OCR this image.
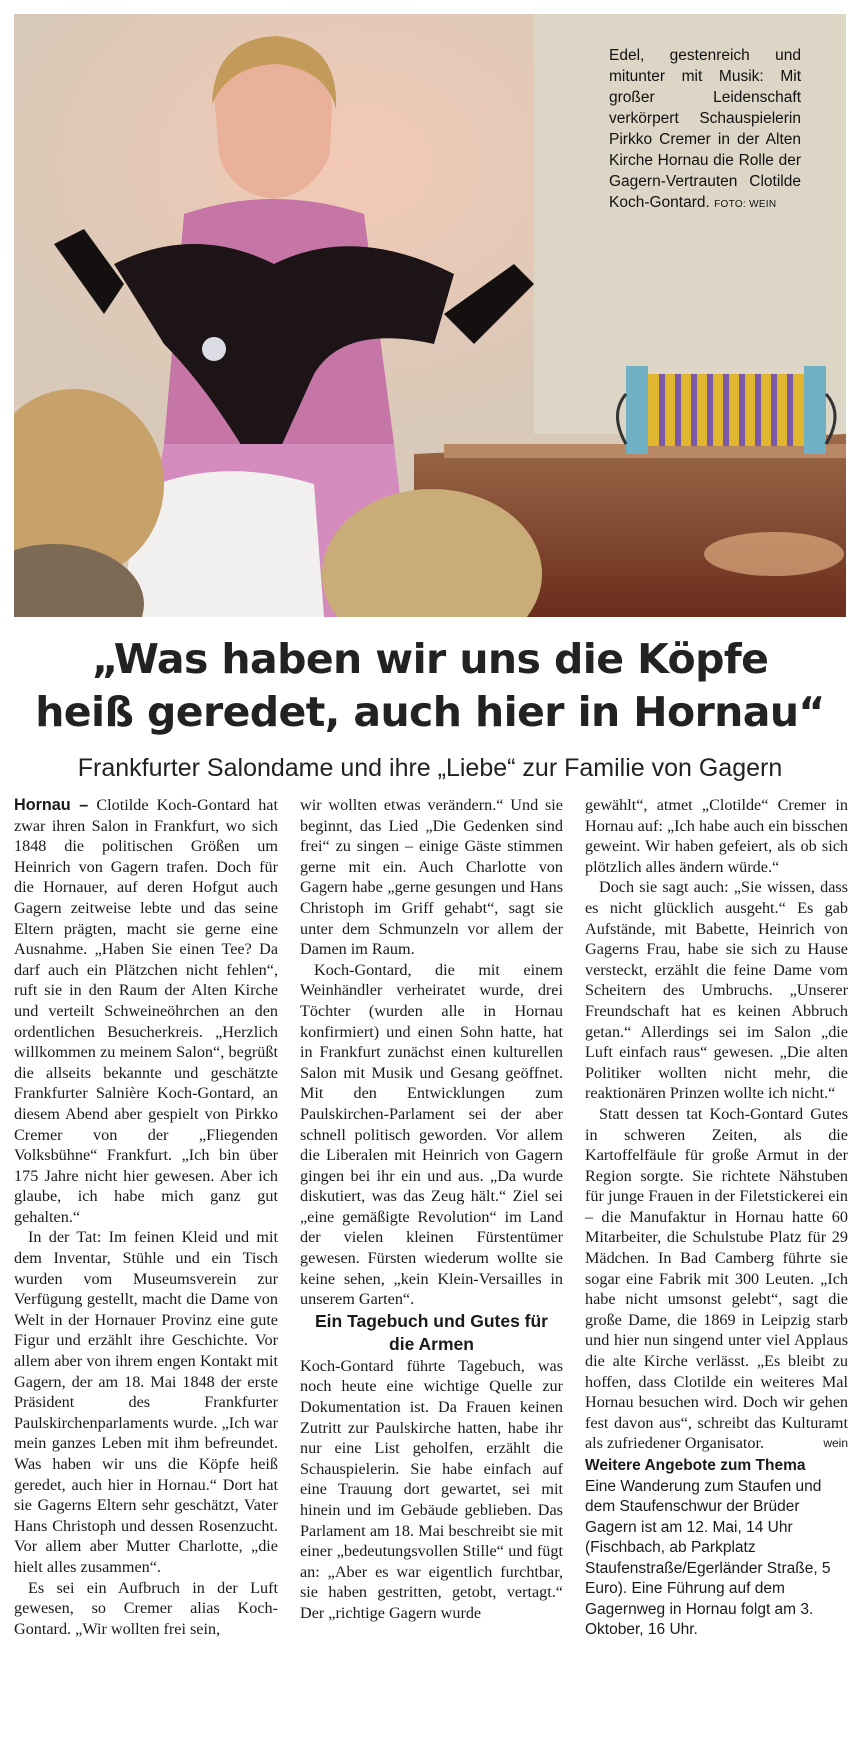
Edel, gestenreich und mitunter mit Musik: Mit großer Leidenschaft verkörpert Schauspielerin Pirkko Cremer in der Alten Kirche Hornau die Rolle der Gagern-Vertrauten Clotilde Koch-Gontard. FOTO: WEIN
„Was haben wir uns die Köpfe
heiß geredet, auch hier in Hornau“
Frankfurter Salondame und ihre „Liebe“ zur Familie von Gagern

Hornau – Clotilde Koch-Gontard hat zwar ihren Salon in Frankfurt, wo sich 1848 die politischen Größen um Heinrich von Gagern trafen. Doch für die Hornauer, auf deren Hofgut auch Gagern zeitweise lebte und das seine Eltern prägten, macht sie gerne eine Ausnahme. „Haben Sie einen Tee? Da darf auch ein Plätzchen nicht fehlen“, ruft sie in den Raum der Alten Kirche und verteilt Schweineöhrchen an den ordentlichen Besucherkreis. „Herzlich willkommen zu meinem Salon“, begrüßt die allseits bekannte und geschätzte Frankfurter Salnière Koch-Gontard, an diesem Abend aber gespielt von Pirkko Cremer von der „Fliegenden Volksbühne“ Frankfurt. „Ich bin über 175 Jahre nicht hier gewesen. Aber ich glaube, ich habe mich ganz gut gehalten.“

In der Tat: Im feinen Kleid und mit dem Inventar, Stühle und ein Tisch wurden vom Museumsverein zur Verfügung gestellt, macht die Dame von Welt in der Hornauer Provinz eine gute Figur und erzählt ihre Geschichte. Vor allem aber von ihrem engen Kontakt mit Gagern, der am 18. Mai 1848 der erste Präsident des Frankfurter Paulskirchenparlaments wurde. „Ich war mein ganzes Leben mit ihm befreundet. Was haben wir uns die Köpfe heiß geredet, auch hier in Hornau.“ Dort hat sie Gagerns Eltern sehr geschätzt, Vater Hans Christoph und dessen Rosenzucht. Vor allem aber Mutter Charlotte, „die hielt alles zusammen“.

Es sei ein Aufbruch in der Luft gewesen, so Cremer alias Koch-Gontard. „Wir wollten frei sein,

wir wollten etwas verändern.“ Und sie beginnt, das Lied „Die Gedenken sind frei“ zu singen – einige Gäste stimmen gerne mit ein. Auch Charlotte von Gagern habe „gerne gesungen und Hans Christoph im Griff gehabt“, sagt sie unter dem Schmunzeln vor allem der Damen im Raum.

Koch-Gontard, die mit einem Weinhändler verheiratet wurde, drei Töchter (wurden alle in Hornau konfirmiert) und einen Sohn hatte, hat in Frankfurt zunächst einen kulturellen Salon mit Musik und Gesang geöffnet. Mit den Entwicklungen zum Paulskirchen-Parlament sei der aber schnell politisch geworden. Vor allem die Liberalen mit Heinrich von Gagern gingen bei ihr ein und aus. „Da wurde diskutiert, was das Zeug hält.“ Ziel sei „eine gemäßigte Revolution“ im Land der vielen kleinen Fürstentümer gewesen. Fürsten wiederum wollte sie keine sehen, „kein Klein-Versailles in unserem Garten“.

Ein Tagebuch und Gutes für die Armen

Koch-Gontard führte Tagebuch, was noch heute eine wichtige Quelle zur Dokumentation ist. Da Frauen keinen Zutritt zur Paulskirche hatten, habe ihr nur eine List geholfen, erzählt die Schauspielerin. Sie habe einfach auf eine Trauung dort gewartet, sei mit hinein und im Gebäude geblieben. Das Parlament am 18. Mai beschreibt sie mit einer „bedeutungsvollen Stille“ und fügt an: „Aber es war eigentlich furchtbar, sie haben gestritten, getobt, vertagt.“ Der „richtige Gagern wurde

gewählt“, atmet „Clotilde“ Cremer in Hornau auf: „Ich habe auch ein bisschen geweint. Wir haben gefeiert, als ob sich plötzlich alles ändern würde.“

Doch sie sagt auch: „Sie wissen, dass es nicht glücklich ausgeht.“ Es gab Aufstände, mit Babette, Heinrich von Gagerns Frau, habe sie sich zu Hause versteckt, erzählt die feine Dame vom Scheitern des Umbruchs. „Unserer Freundschaft hat es keinen Abbruch getan.“ Allerdings sei im Salon „die Luft einfach raus“ gewesen. „Die alten Politiker wollten nicht mehr, die reaktionären Prinzen wollte ich nicht.“

Statt dessen tat Koch-Gontard Gutes in schweren Zeiten, als die Kartoffelfäule für große Armut in der Region sorgte. Sie richtete Nähstuben für junge Frauen in der Filetstickerei ein – die Manufaktur in Hornau hatte 60 Mitarbeiter, die Schulstube Platz für 29 Mädchen. In Bad Camberg führte sie sogar eine Fabrik mit 300 Leuten. „Ich habe nicht umsonst gelebt“, sagt die große Dame, die 1869 in Leipzig starb und hier nun singend unter viel Applaus die alte Kirche verlässt. „Es bleibt zu hoffen, dass Clotilde ein weiteres Mal Hornau besuchen wird. Doch wir gehen fest davon aus“, schreibt das Kulturamt als zufriedener Organisator.	wein

Weitere Angebote zum Thema

Eine Wanderung zum Staufen und dem Staufenschwur der Brüder Gagern ist am 12. Mai, 14 Uhr (Fischbach, ab Parkplatz Staufenstraße/Egerländer Straße, 5 Euro). Eine Führung auf dem Gagernweg in Hornau folgt am 3. Oktober, 16 Uhr.
